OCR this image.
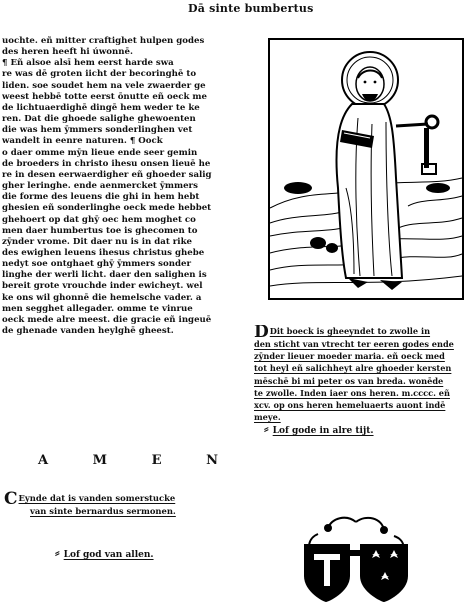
Dā sinte bumbertus
uochte. eñ mitter craftighet hulpen godes
des heren heeft hi úwonnē.
¶ Eñ alsoe alsī hem eerst harde swa
re was dē groten iicht der becoringhē to
liden. soe soudet hem na vele zwaerder ge
weest hebbē totte eerst ōnutte eñ oeck me
de lichtuaerdighē dingē hem weder te ke
ren. Dat die ghoede salighe ghewoenten
die was hem ȳmmers sonderlinghen vet
wandelt in eenre naturen. ¶ Oock
o daer omme mȳn lieue ende seer gemin
de broeders in christo ihesu onsen lieuē he
re in desen eerwaerdigher eñ ghoeder salig
gher leringhe. ende aenmercket ȳmmers
die forme des leuens die ghi in hem hebt
ghesien eñ sonderlinghe oeck mede hebbet
ghehoert op dat ghȳ oec hem moghet co
men daer humbertus toe is ghecomen to
zȳnder vrome. Dit daer nu is in dat rike
des ewighen leuens ihesus christus ghebe
nedyt soe ontghaet ghȳ ȳmmers sonder
linghe der werli licht. daer den salighen is
bereit grote vrouchde inder ewicheyt. wel
ke ons wil ghonnē die hemelsche vader. a
men segghet allegader. omme te vinrue
oeck mede alre meest. die gracie eñ ingeuē
de ghenade vanden heylghē gheest.
A	M	E	N
DDit boeck is gheeyndet to zwolle in
den sticht van vtrecht ter eeren godes ende
zȳnder lieuer moeder maria. eñ oeck med
tot heyl eñ salichheyt alre ghoeder kersten
mēschē bi mi peter os van breda. wonēde
te zwolle. Inden iaer ons heren. m.cccc. eñ
xcv. op ons heren hemeluaerts auont indē
meye.
⸗ Lof gode in alre tijt.
CEynde dat is vanden somerstucke
van sinte bernardus sermonen.
⸗ Lof god van allen.
